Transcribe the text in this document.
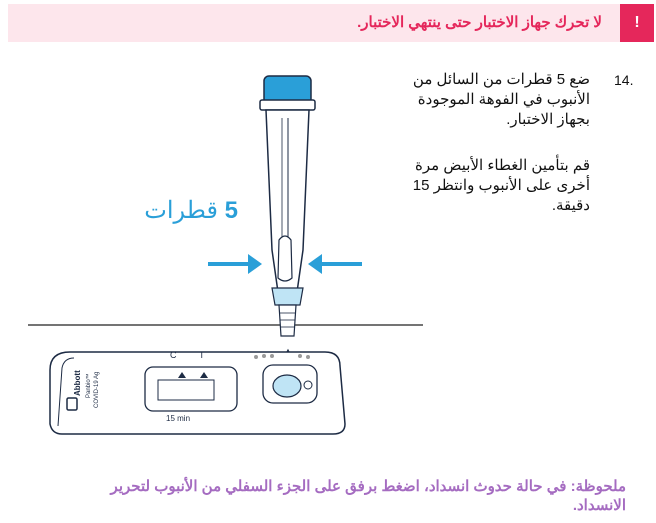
!
لا تحرك جهاز الاختبار حتى ينتهي الاختبار.
14.

ضع 5 قطرات من السائل من الأنبوب في الفوهة الموجودة بجهاز الاختبار.

قم بتأمين الغطاء الأبيض مرة أخرى على الأنبوب وانتظر 15 دقيقة.

5 قطرات
C	T
15 min
Abbott Panbio™ COVID-19 Ag

ملحوظة: في حالة حدوث انسداد، اضغط برفق على الجزء السفلي من الأنبوب لتحرير الانسداد.
